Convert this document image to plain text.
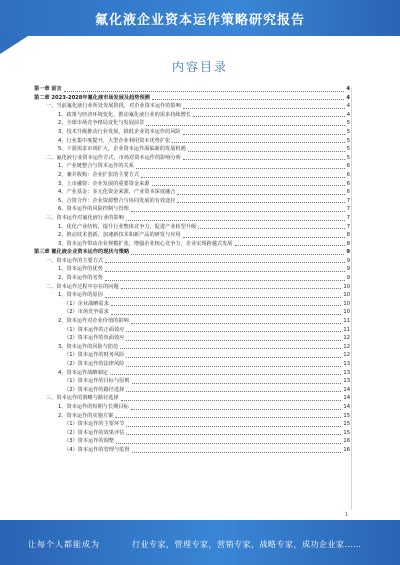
氟化液企业资本运作策略研究报告
内容目录
第一章 前言	4
第二章 2023-2028年氟化液市场发展及趋势预测	4
一、当前氟化液行业所处发展阶段，对企业资本运作的影响	4
1、政策与经济环境变化，推动氟化液行业的需求持续增长	4
2、全球市场竞争格局变化与发展前景	5
3、技术升级推动行业发展，降低企业资本运作的风险	5
4、行业集中度提升，大型企业利用资本优势扩张	5
5、下游需求市场扩大，企业资本运作面临新的发展机遇	5
二、氟化液行业资本运作方式，市场对资本运作的影响分析	5
1、产业链整合与资本运作的关系	6
2、兼并收购：企业扩张的主要方式	6
3、上市融资：企业发展的重要资金来源	6
4、产业基金：多元化资金来源，产业资本深度融合	6
5、合资合作：企业资源整合与协同发展的有效途径	7
6、资本运作的风险控制与管理	7
三、资本运作对氟化液行业的影响	7
1、优化产业结构，提升行业整体竞争力，促进产业转型升级	7
2、推动技术创新，加速新技术和新产品的研发与应用	8
3、资本运作带动企业规模扩张，增强企业核心竞争力，企业实现跨越式发展	8
第三章 氟化液企业资本运作的现状与策略	9
一、资本运作的主要方式	9
1、资本运作的优势	9
2、资本运作的劣势	9
二、资本运作过程中存在的问题	10
1、资本运作的原因	10
（1）企业战略需求	10
（2）市场竞争需求	10
2、资本运作对企业价值的影响	11
（1）资本运作的正面效应	11
（2）资本运作的负面效应	12
3、资本运作的风险与防范	12
（1）资本运作的财务风险	12
（2）资本运作的法律风险	13
4、资本运作战略制定	13
（1）资本运作的目标与原则	13
（2）资本运作的路径选择	14
三、资本运作的策略与路径选择	14
1、资本运作的短期与长期目标	14
2、资本运作的实施方案	15
（1）资本运作的主要环节	15
（2）资本运作的效果评估	15
（3）资本运作的调整	16
（4）资本运作的管理与监督	16
1
让每个人都能成为	行业专家，管理专家，营销专家，战略专家，成功企业家……
